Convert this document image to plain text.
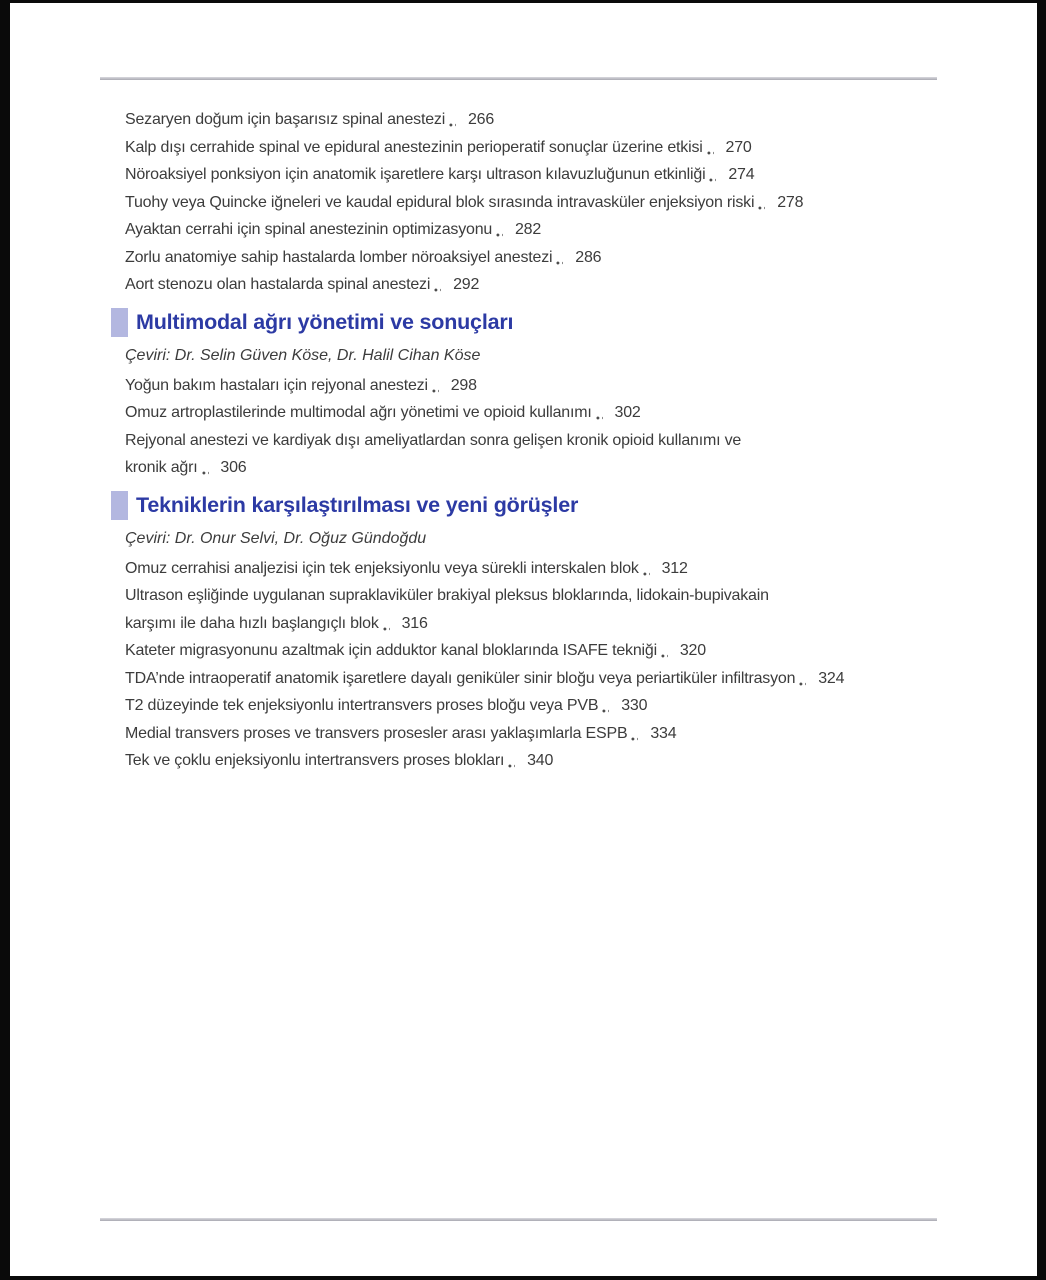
Sezaryen doğum için başarısız spinal anestezi	266
Kalp dışı cerrahide spinal ve epidural anestezinin perioperatif sonuçlar üzerine etkisi	270
Nöroaksiyel ponksiyon için anatomik işaretlere karşı ultrason kılavuzluğunun etkinliği	274
Tuohy veya Quincke iğneleri ve kaudal epidural blok sırasında intravasküler enjeksiyon riski	278
Ayaktan cerrahi için spinal anestezinin optimizasyonu	282
Zorlu anatomiye sahip hastalarda lomber nöroaksiyel anestezi	286
Aort stenozu olan hastalarda spinal anestezi	292
Multimodal ağrı yönetimi ve sonuçları

Çeviri: Dr. Selin Güven Köse, Dr. Halil Cihan Köse

Yoğun bakım hastaları için rejyonal anestezi	298
Omuz artroplastilerinde multimodal ağrı yönetimi ve opioid kullanımı	302
Rejyonal anestezi ve kardiyak dışı ameliyatlardan sonra gelişen kronik opioid kullanımı ve
kronik ağrı	306
Tekniklerin karşılaştırılması ve yeni görüşler

Çeviri: Dr. Onur Selvi, Dr. Oğuz Gündoğdu

Omuz cerrahisi analjezisi için tek enjeksiyonlu veya sürekli interskalen blok	312
Ultrason eşliğinde uygulanan supraklaviküler brakiyal pleksus bloklarında, lidokain-bupivakain
karşımı ile daha hızlı başlangıçlı blok	316
Kateter migrasyonunu azaltmak için adduktor kanal bloklarında ISAFE tekniği	320
TDA’nde intraoperatif anatomik işaretlere dayalı geniküler sinir bloğu veya periartiküler infiltrasyon	324
T2 düzeyinde tek enjeksiyonlu intertransvers proses bloğu veya PVB	330
Medial transvers proses ve transvers prosesler arası yaklaşımlarla ESPB	334
Tek ve çoklu enjeksiyonlu intertransvers proses blokları	340
